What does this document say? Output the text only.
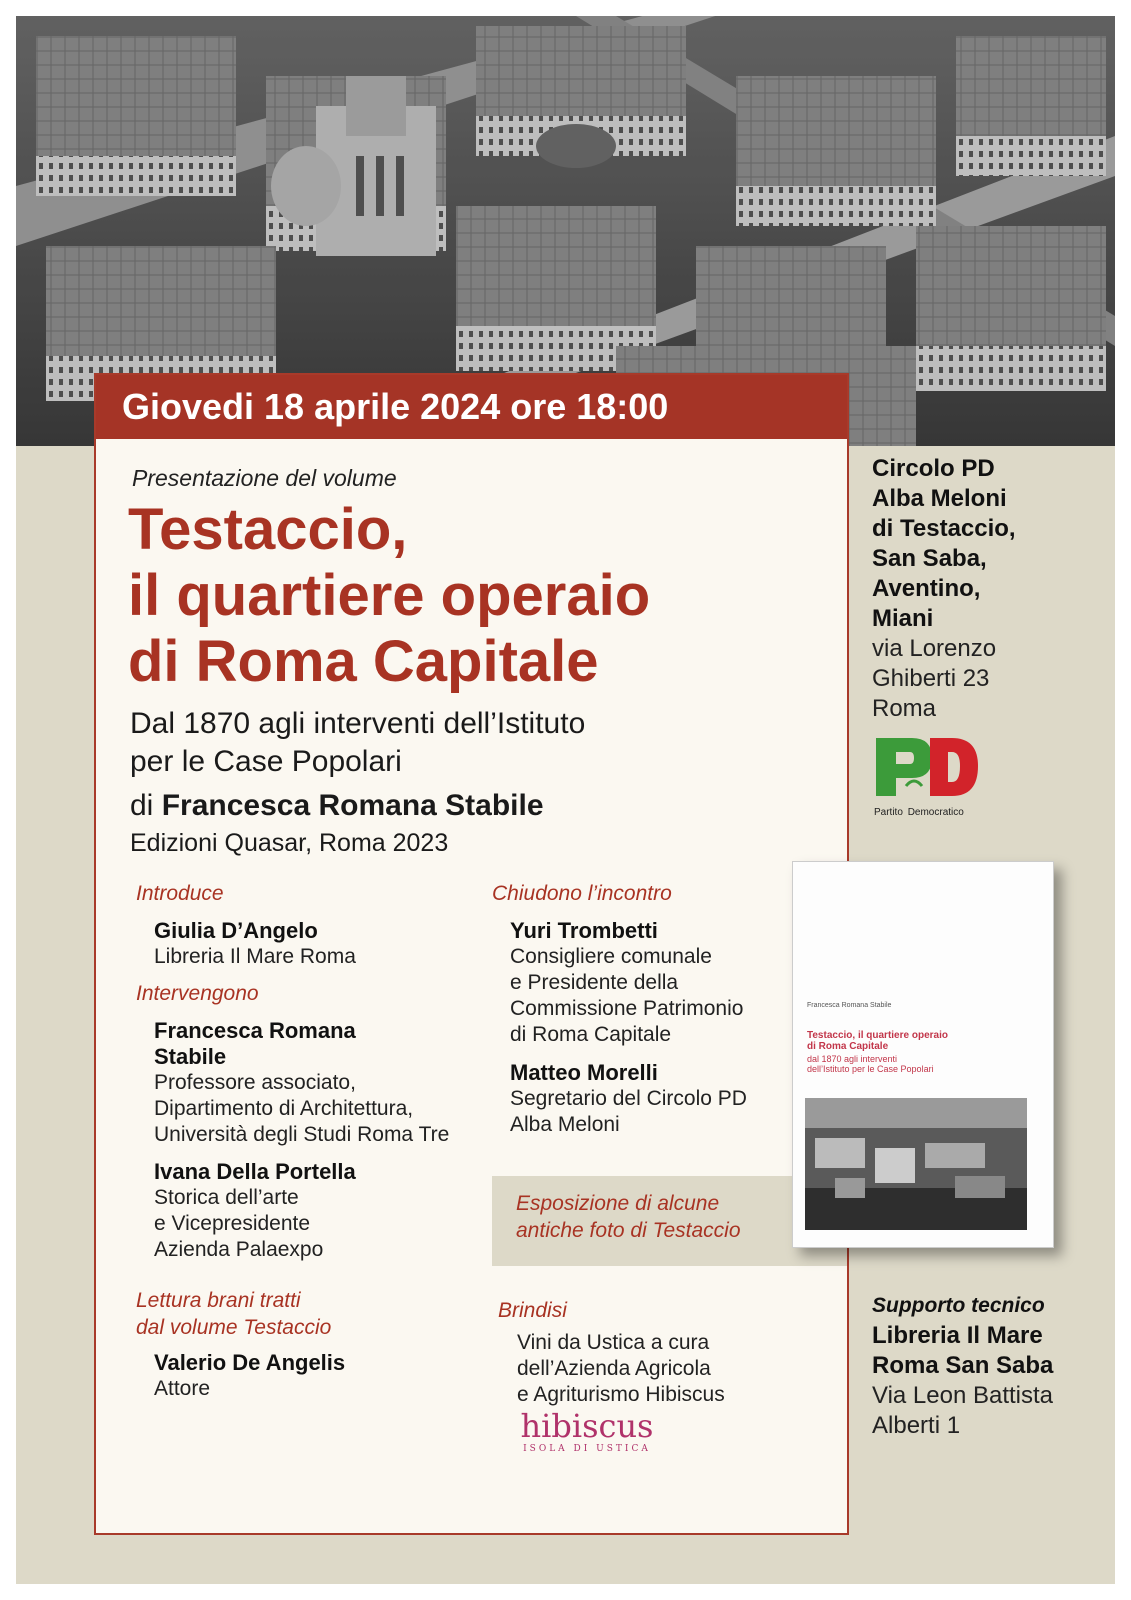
Giovedi 18 aprile 2024 ore 18:00
Presentazione del volume
Testaccio,
il quartiere operaio
di Roma Capitale
Dal 1870 agli interventi dell’Istituto
per le Case Popolari
di Francesca Romana Stabile
Edizioni Quasar, Roma 2023
Introduce
Giulia D’Angelo
Libreria Il Mare Roma
Intervengono
Francesca Romana
Stabile
Professore associato,
Dipartimento di Architettura,
Università degli Studi Roma Tre
Ivana Della Portella
Storica dell’arte
e Vicepresidente
Azienda Palaexpo
Lettura brani tratti
dal volume Testaccio
Valerio De Angelis
Attore
Chiudono l’incontro
Yuri Trombetti
Consigliere comunale
e Presidente della
Commissione Patrimonio
di Roma Capitale
Matteo Morelli
Segretario del Circolo PD
Alba Meloni
Esposizione di alcune
antiche foto di Testaccio
Brindisi
Vini da Ustica a cura
dell’Azienda Agricola
e Agriturismo Hibiscus
hibiscus
ISOLA DI USTICA
Circolo PD
Alba Meloni
di Testaccio,
San Saba,
Aventino,
Miani
via Lorenzo
Ghiberti 23
Roma
Partito Democratico
Francesca Romana Stabile
Testaccio, il quartiere operaio
di Roma Capitale
dal 1870 agli interventi
dell’Istituto per le Case Popolari
Supporto tecnico
Libreria Il Mare
Roma San Saba
Via Leon Battista
Alberti 1
